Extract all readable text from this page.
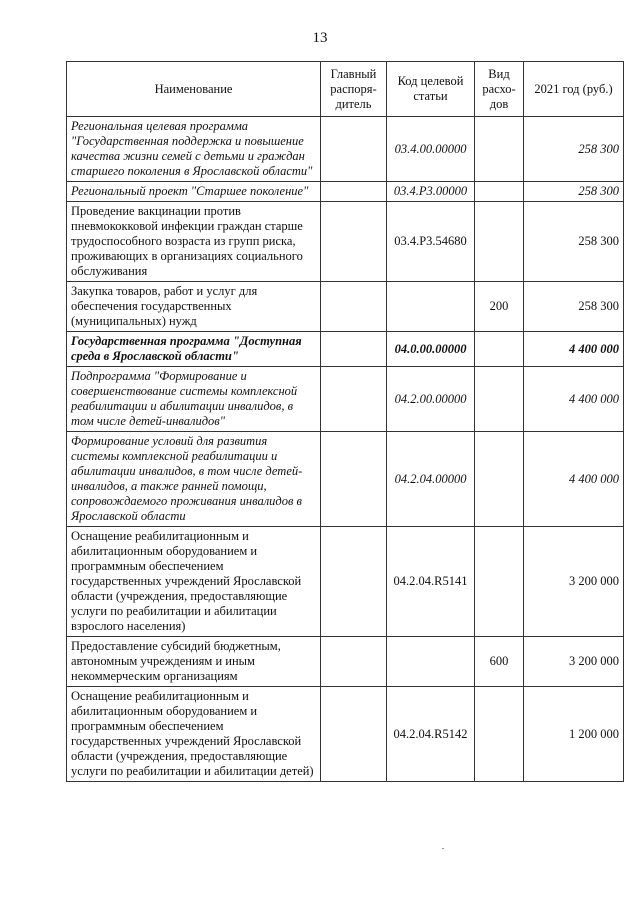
13
Наименование	Главный распоря-дитель	Код целевой статьи	Вид расхо-дов	2021 год (руб.)
Региональная целевая программа "Государственная поддержка и повышение качества жизни семей с детьми и граждан старшего поколения в Ярославской области"		03.4.00.00000		258 300
Региональный проект "Старшее поколение"		03.4.P3.00000		258 300
Проведение вакцинации против пневмококковой инфекции граждан старше трудоспособного возраста из групп риска, проживающих в организациях социального обслуживания		03.4.P3.54680		258 300
Закупка товаров, работ и услуг для обеспечения государственных (муниципальных) нужд			200	258 300
Государственная программа "Доступная среда в Ярославской области"		04.0.00.00000		4 400 000
Подпрограмма "Формирование и совершенствование системы комплексной реабилитации и абилитации инвалидов, в том числе детей-инвалидов"		04.2.00.00000		4 400 000
Формирование условий для развития системы комплексной реабилитации и абилитации инвалидов, в том числе детей-инвалидов, а также ранней помощи, сопровождаемого проживания инвалидов в Ярославской области		04.2.04.00000		4 400 000
Оснащение реабилитационным и абилитационным оборудованием и программным обеспечением государственных учреждений Ярославской области (учреждения, предоставляющие услуги по реабилитации и абилитации взрослого населения)		04.2.04.R5141		3 200 000
Предоставление субсидий бюджетным, автономным учреждениям и иным некоммерческим организациям			600	3 200 000
Оснащение реабилитационным и абилитационным оборудованием и программным обеспечением государственных учреждений Ярославской области (учреждения, предоставляющие услуги по реабилитации и абилитации детей)		04.2.04.R5142		1 200 000
